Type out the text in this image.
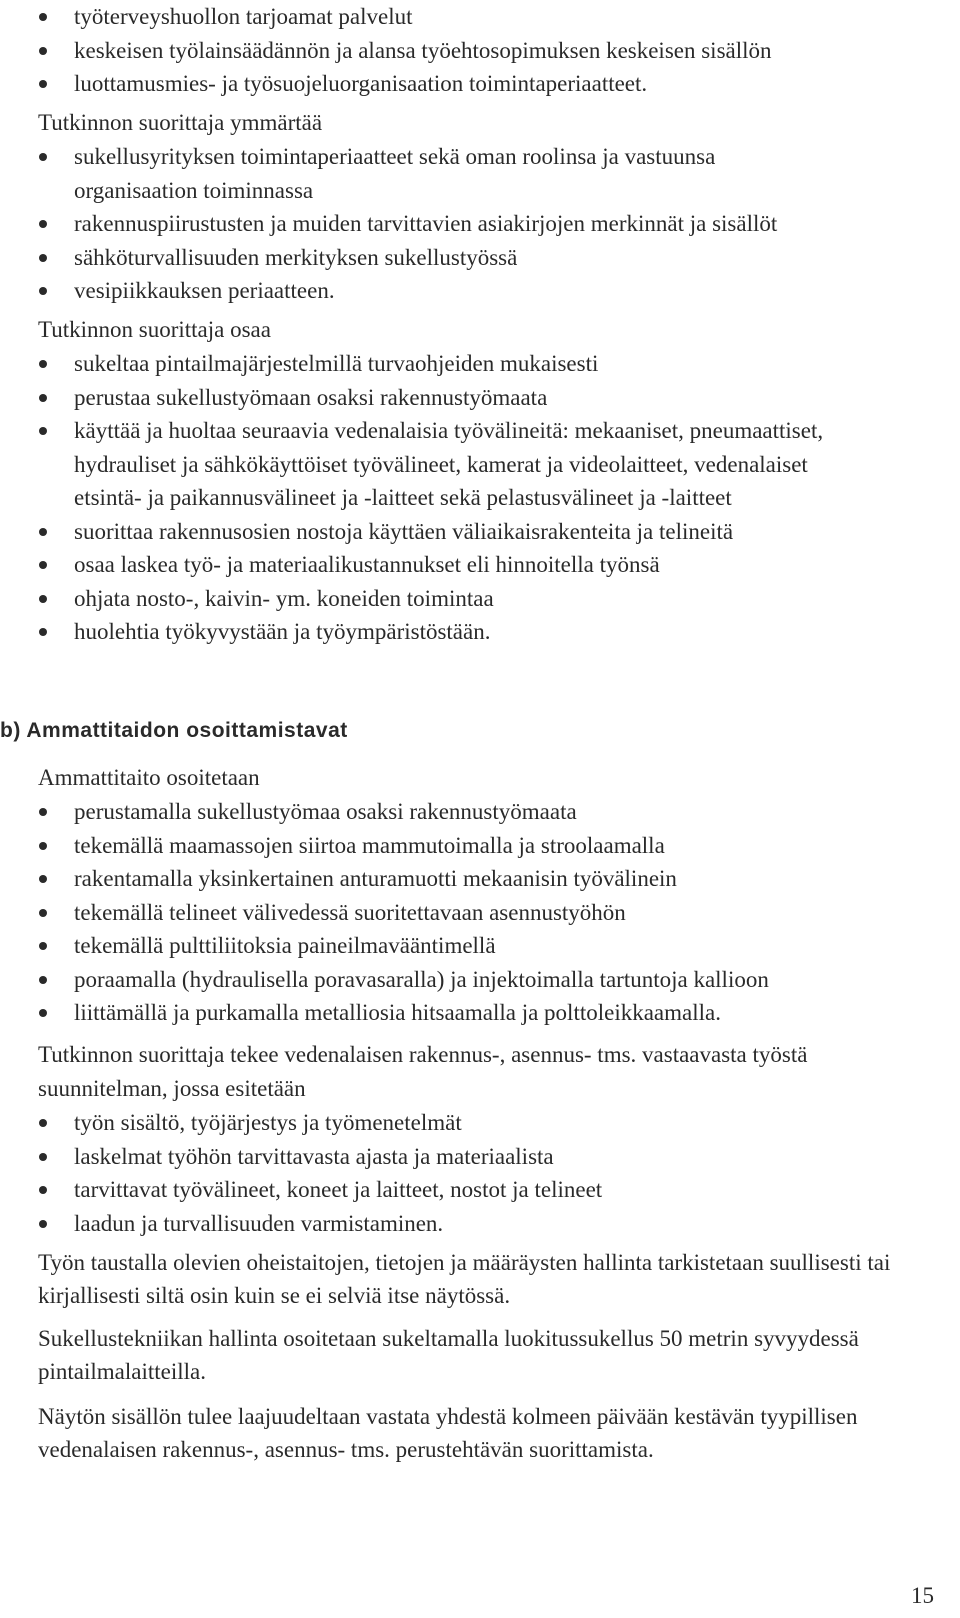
työterveyshuollon tarjoamat palvelut
keskeisen työlainsäädännön ja alansa työehtosopimuksen keskeisen sisällön
luottamusmies- ja työsuojeluorganisaation toimintaperiaatteet.

Tutkinnon suorittaja ymmärtää

sukellusyrityksen toimintaperiaatteet sekä oman roolinsa ja vastuunsa organisaation toiminnassa
rakennuspiirustusten ja muiden tarvittavien asiakirjojen merkinnät ja sisällöt
sähköturvallisuuden merkityksen sukellustyössä
vesipiikkauksen periaatteen.

Tutkinnon suorittaja osaa

sukeltaa pintailmajärjestelmillä turvaohjeiden mukaisesti
perustaa sukellustyömaan osaksi rakennustyömaata
käyttää ja huoltaa seuraavia vedenalaisia työvälineitä: mekaaniset, pneumaattiset, hydrauliset ja sähkökäyttöiset työvälineet, kamerat ja videolaitteet, vedenalaiset etsintä- ja paikannusvälineet ja -laitteet sekä pelastusvälineet ja -laitteet
suorittaa rakennusosien nostoja käyttäen väliaikaisrakenteita ja telineitä
osaa laskea työ- ja materiaalikustannukset eli hinnoitella työnsä
ohjata nosto-, kaivin- ym. koneiden toimintaa
huolehtia työkyvystään ja työympäristöstään.
b) Ammattitaidon osoittamistavat

Ammattitaito osoitetaan

perustamalla sukellustyömaa osaksi rakennustyömaata
tekemällä maamassojen siirtoa mammutoimalla ja stroolaamalla
rakentamalla yksinkertainen anturamuotti mekaanisin työvälinein
tekemällä telineet välivedessä suoritettavaan asennustyöhön
tekemällä pulttiliitoksia paineilmavääntimellä
poraamalla (hydraulisella poravasaralla) ja injektoimalla tartuntoja kallioon
liittämällä ja purkamalla metalliosia hitsaamalla ja polttoleikkaamalla.

Tutkinnon suorittaja tekee vedenalaisen rakennus-, asennus- tms. vastaavasta työstä suunnitelman, jossa esitetään

työn sisältö, työjärjestys ja työmenetelmät
laskelmat työhön tarvittavasta ajasta ja materiaalista
tarvittavat työvälineet, koneet ja laitteet, nostot ja telineet
laadun ja turvallisuuden varmistaminen.

Työn taustalla olevien oheistaitojen, tietojen ja määräysten hallinta tarkistetaan suullisesti tai kirjallisesti siltä osin kuin se ei selviä itse näytössä.

Sukellustekniikan hallinta osoitetaan sukeltamalla luokitussukellus 50 metrin syvyydessä pintailmalaitteilla.

Näytön sisällön tulee laajuudeltaan vastata yhdestä kolmeen päivään kestävän tyypillisen vedenalaisen rakennus-, asennus- tms. perustehtävän suorittamista.

15
